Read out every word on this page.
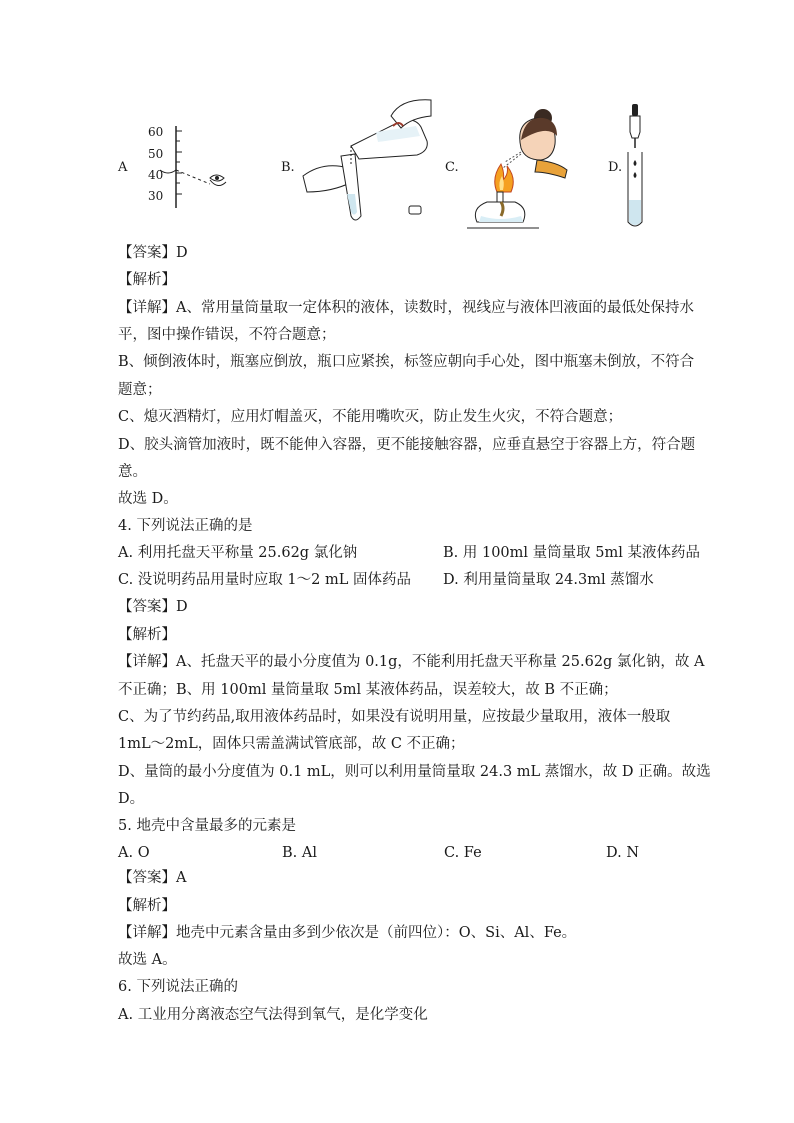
A
60
50
40
30
B.	C.	D.
【答案】D
【解析】
【详解】A、常用量筒量取一定体积的液体，读数时，视线应与液体凹液面的最低处保持水
平，图中操作错误，不符合题意；
B、倾倒液体时，瓶塞应倒放，瓶口应紧挨，标签应朝向手心处，图中瓶塞未倒放，不符合
题意；
C、熄灭酒精灯，应用灯帽盖灭，不能用嘴吹灭，防止发生火灾，不符合题意；
D、胶头滴管加液时，既不能伸入容器，更不能接触容器，应垂直悬空于容器上方，符合题
意。
故选 D。
4. 下列说法正确的是
A. 利用托盘天平称量 25.62g 氯化钠	B. 用 100ml 量筒量取 5ml 某液体药品
C. 没说明药品用量时应取 1～2 mL 固体药品 D. 利用量筒量取 24.3ml 蒸馏水
【答案】D
【解析】
【详解】A、托盘天平的最小分度值为 0.1g，不能利用托盘天平称量 25.62g 氯化钠，故 A
不正确；B、用 100ml 量筒量取 5ml 某液体药品，误差较大，故 B 不正确；
C、为了节约药品,取用液体药品时，如果没有说明用量，应按最少量取用，液体一般取
1mL～2mL，固体只需盖满试管底部，故 C 不正确；
D、量筒的最小分度值为 0.1 mL，则可以利用量筒量取 24.3 mL 蒸馏水，故 D 正确。故选
D。
5. 地壳中含量最多的元素是
A. O	B. Al	C. Fe	D. N
【答案】A
【解析】
【详解】地壳中元素含量由多到少依次是（前四位）：O、Si、Al、Fe。
故选 A。
6. 下列说法正确的
A. 工业用分离液态空气法得到氧气，是化学变化
